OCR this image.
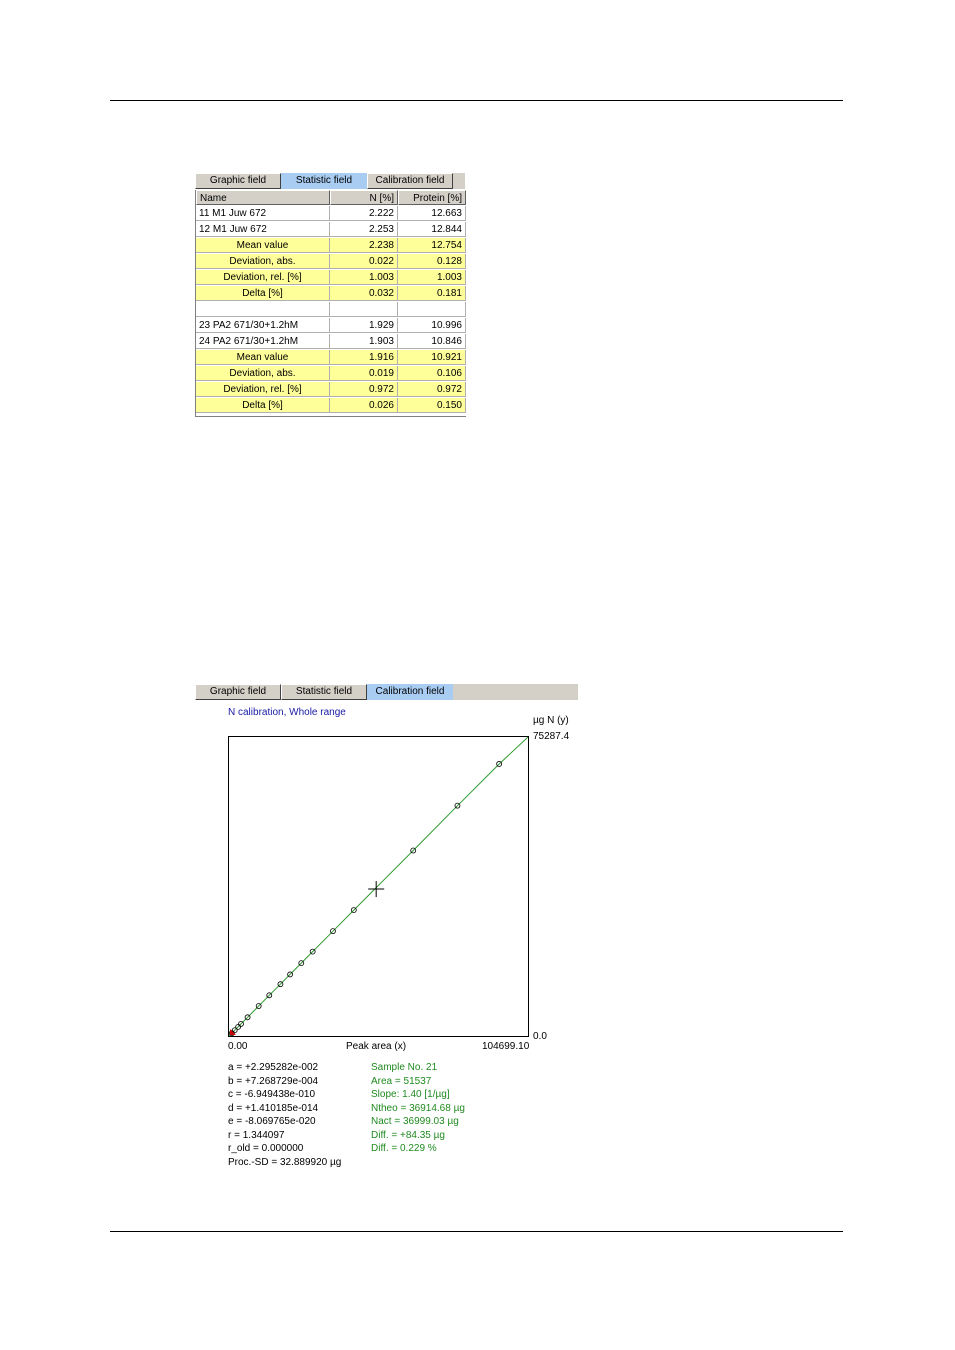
Graphic field	Statistic field	Calibration field
Name	N [%]	Protein [%]
11 M1 Juw 672	2.222	12.663
12 M1 Juw 672	2.253	12.844
Mean value	2.238	12.754
Deviation, abs.	0.022	0.128
Deviation, rel. [%]	1.003	1.003
Delta [%]	0.032	0.181
23 PA2 671/30+1.2hM	1.929	10.996
24 PA2 671/30+1.2hM	1.903	10.846
Mean value	1.916	10.921
Deviation, abs.	0.019	0.106
Deviation, rel. [%]	0.972	0.972
Delta [%]	0.026	0.150
Graphic field	Statistic field	Calibration field
N calibration, Whole range
µg N (y)
75287.4
0.0
0.00	Peak area (x)	104699.10
a = +2.295282e-002
b = +7.268729e-004
c = -6.949438e-010
d = +1.410185e-014
e = -8.069765e-020
r = 1.344097
r_old = 0.000000
Proc.-SD = 32.889920 µg
Sample No. 21
Area = 51537
Slope: 1.40 [1/µg]
Ntheo = 36914.68 µg
Nact = 36999.03 µg
Diff. = +84.35 µg
Diff. = 0.229 %
